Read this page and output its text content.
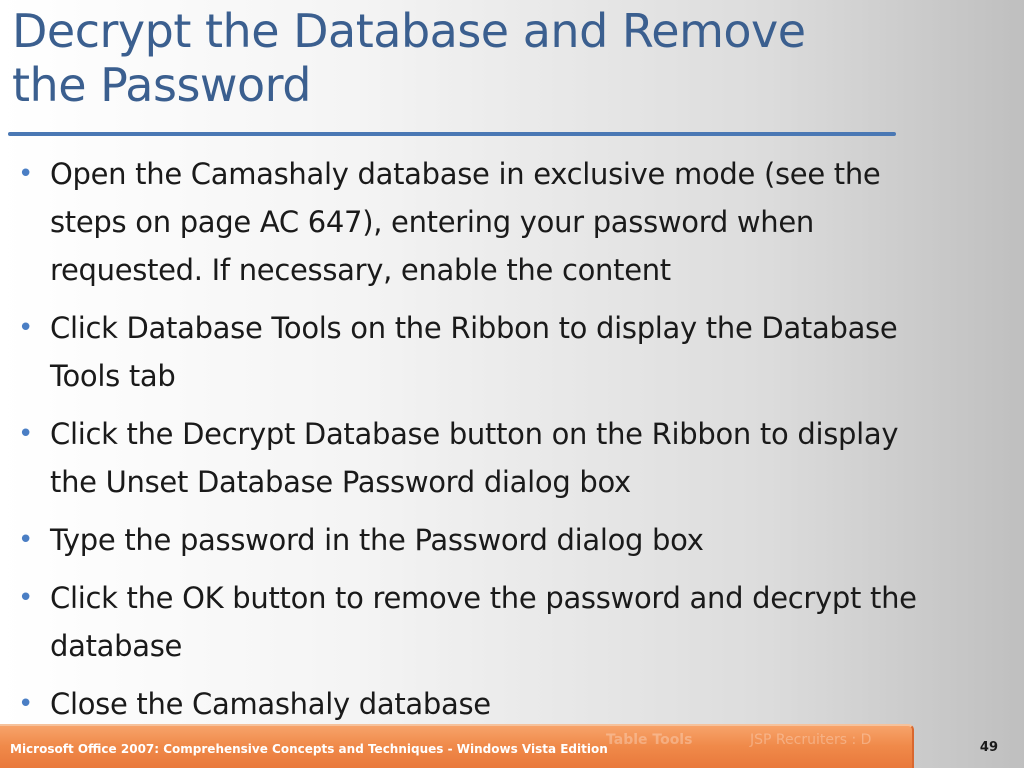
Decrypt the Database and Remove
the Password
• Open the Camashaly database in exclusive mode (see the steps on page AC 647), entering your password when requested. If necessary, enable the content
• Click Database Tools on the Ribbon to display the Database Tools tab
• Click the Decrypt Database button on the Ribbon to display the Unset Database Password dialog box
• Type the password in the Password dialog box
• Click the OK button to remove the password and decrypt the database
• Close the Camashaly database
Table Tools	JSP Recruiters : D
Microsoft Office 2007: Comprehensive Concepts and Techniques - Windows Vista Edition	49
